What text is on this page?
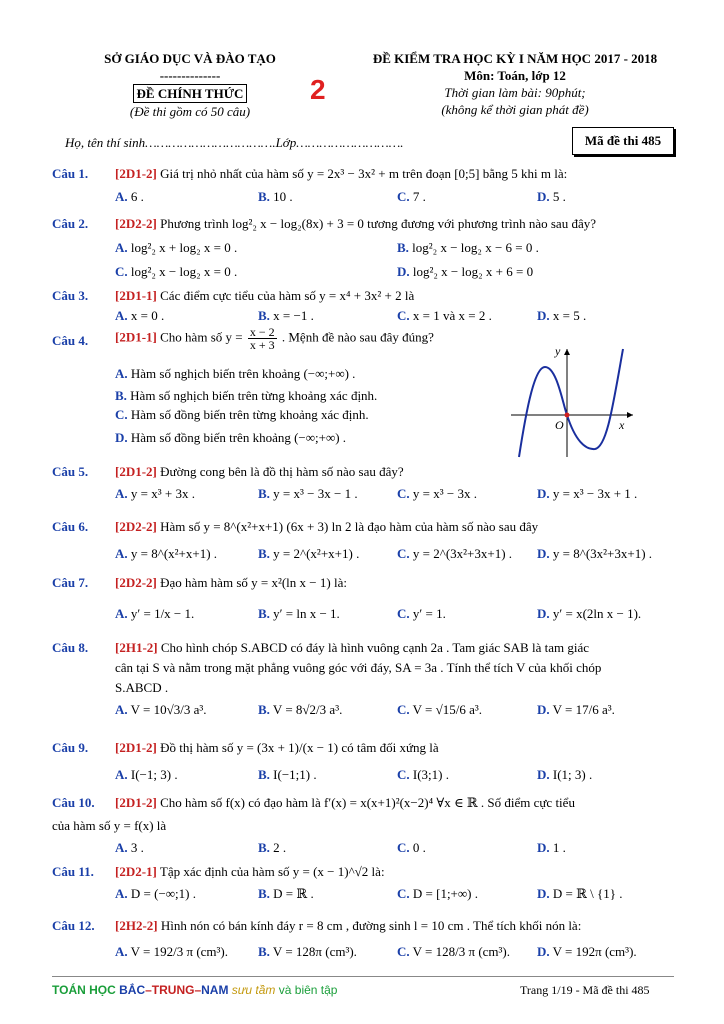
SỞ GIÁO DỤC VÀ ĐÀO TẠO
--------------
ĐỀ CHÍNH THỨC
(Đề thi gồm có 50 câu)
2
ĐỀ KIỂM TRA HỌC KỲ I NĂM HỌC 2017 - 2018
Môn: Toán, lớp 12
Thời gian làm bài: 90phút;
(không kể thời gian phát đề)
Họ, tên thí sinh…………………………….Lớp……………………….	Mã đề thi 485
Câu 1. [2D1-2] Giá trị nhỏ nhất của hàm số y = 2x³ − 3x² + m trên đoạn [0;5] bằng 5 khi m là:
A. 6 .	B. 10 .	C. 7 .	D. 5 .
Câu 2. [2D2-2] Phương trình log²₂ x − log₂(8x) + 3 = 0 tương đương với phương trình nào sau đây?
A. log²₂ x + log₂ x = 0 .	B. log²₂ x − log₂ x − 6 = 0 .
C. log²₂ x − log₂ x = 0 .	D. log²₂ x − log₂ x + 6 = 0
Câu 3. [2D1-1] Các điểm cực tiểu của hàm số y = x⁴ + 3x² + 2 là
A. x = 0 .	B. x = −1 .	C. x = 1 và x = 2 .	D. x = 5 .
Câu 4. [2D1-1] Cho hàm số $y = \frac{x - 2}{x + 3}$ . Mệnh đề nào sau đây đúng?
A. Hàm số nghịch biến trên khoảng (−∞;+∞) .
B. Hàm số nghịch biến trên từng khoảng xác định.
C. Hàm số đồng biến trên từng khoảng xác định.
D. Hàm số đồng biến trên khoảng (−∞;+∞) .
y
O	x
Câu 5. [2D1-2] Đường cong bên là đồ thị hàm số nào sau đây?
A. y = x³ + 3x .	B. y = x³ − 3x − 1 .	C. y = x³ − 3x .	D. y = x³ − 3x + 1 .
Câu 6. [2D2-2] Hàm số y = 8^(x²+x+1) (6x + 3) ln 2 là đạo hàm của hàm số nào sau đây
A. y = 8^(x²+x+1) .	B. y = 2^(x²+x+1) .	C. y = 2^(3x²+3x+1) . D. y = 8^(3x²+3x+1) .
Câu 7. [2D2-2] Đạo hàm hàm số y = x²(ln x − 1) là:
A. y′ = 1/x − 1.	B. y′ = ln x − 1.	C. y′ = 1.	D. y′ = x(2ln x − 1).
Câu 8. [2H1-2] Cho hình chóp S.ABCD có đáy là hình vuông cạnh 2a . Tam giác SAB là tam giác
cân tại S và nằm trong mặt phẳng vuông góc với đáy, SA = 3a . Tính thể tích V của khối chóp
S.ABCD .
A. V = 10√3/3 a³.	B. V = 8√2/3 a³.	C. V = √15/6 a³.	D. V = 17/6 a³.
Câu 9. [2D1-2] Đồ thị hàm số y = (3x + 1)/(x − 1) có tâm đối xứng là
A. I(−1; 3) .	B. I(−1;1) .	C. I(3;1) .	D. I(1; 3) .
Câu 10. [2D1-2] Cho hàm số f(x) có đạo hàm là f′(x) = x(x+1)²(x−2)⁴ ∀x ∈ ℝ . Số điểm cực tiểu
của hàm số y = f(x) là
A. 3 .	B. 2 .	C. 0 .	D. 1 .
Câu 11. [2D2-1] Tập xác định của hàm số y = (x − 1)^√2 là:
A. D = (−∞;1) .	B. D = ℝ .	C. D = [1;+∞) .	D. D = ℝ \ {1} .
Câu 12. [2H2-2] Hình nón có bán kính đáy r = 8 cm , đường sinh l = 10 cm . Thể tích khối nón là:
A. V = 192/3 π (cm³). B. V = 128π (cm³).	C. V = 128/3 π (cm³). D. V = 192π (cm³).
TOÁN HỌC BẮC–TRUNG–NAM sưu tầm và biên tập	Trang 1/19 - Mã đề thi 485
